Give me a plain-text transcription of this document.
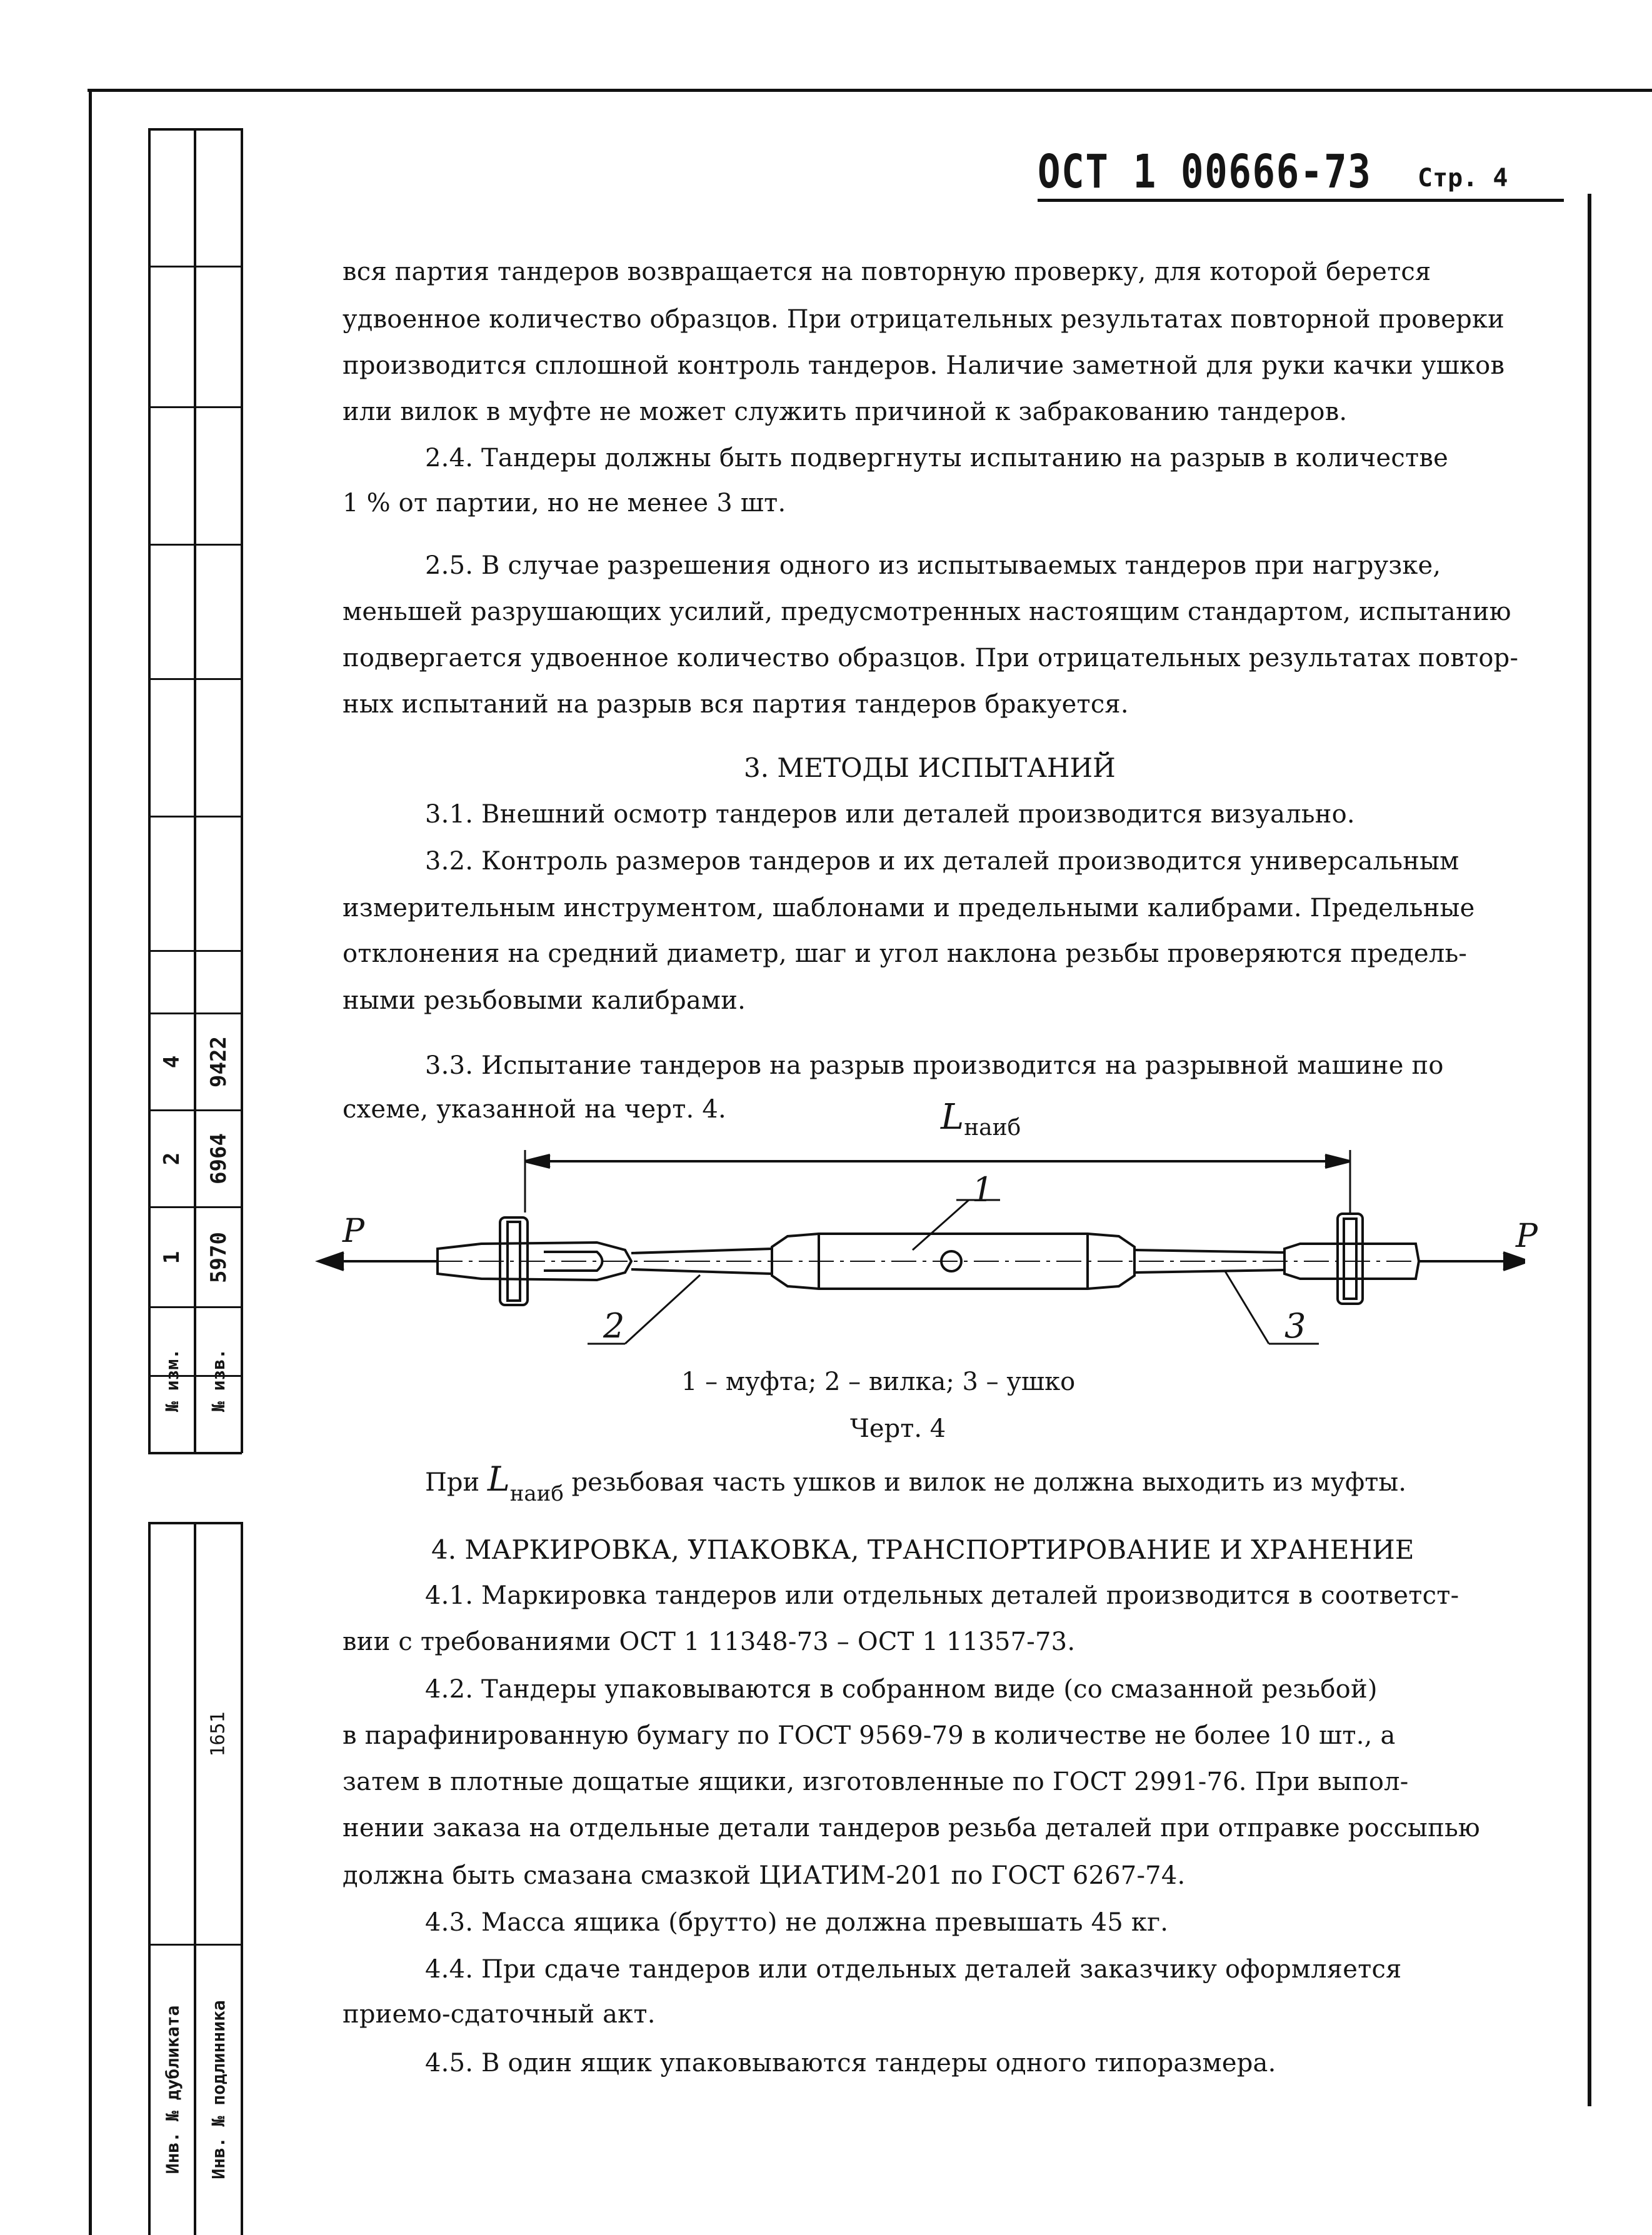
4 9422
2 6964
1 5970
№ изм. № изв.
1651
Инв. № дубликата Инв. № подлинника
ОСТ 1 00666-73 Стр. 4
вся партия тандеров возвращается на повторную проверку, для которой берется
удвоенное количество образцов. При отрицательных результатах повторной проверки
производится сплошной контроль тандеров. Наличие заметной для руки качки ушков
или вилок в муфте не может служить причиной к забракованию тандеров.
2.4. Тандеры должны быть подвергнуты испытанию на разрыв в количестве
1 % от партии, но не менее 3 шт.
2.5. В случае разрешения одного из испытываемых тандеров при нагрузке,
меньшей разрушающих усилий, предусмотренных настоящим стандартом, испытанию
подвергается удвоенное количество образцов. При отрицательных результатах повтор-
ных испытаний на разрыв вся партия тандеров бракуется.
3. МЕТОДЫ ИСПЫТАНИЙ
3.1. Внешний осмотр тандеров или деталей производится визуально.
3.2. Контроль размеров тандеров и их деталей производится универсальным
измерительным инструментом, шаблонами и предельными калибрами. Предельные
отклонения на средний диаметр, шаг и угол наклона резьбы проверяются предель-
ными резьбовыми калибрами.
3.3. Испытание тандеров на разрыв производится на разрывной машине по
схеме, указанной на черт. 4.	Lнаиб
P	P
1
2	3
1 – муфта; 2 – вилка; 3 – ушко
Черт. 4
При $L_{наиб}$ резьбовая часть ушков и вилок не должна выходить из муфты.
4. МАРКИРОВКА, УПАКОВКА, ТРАНСПОРТИРОВАНИЕ И ХРАНЕНИЕ
4.1. Маркировка тандеров или отдельных деталей производится в соответст-
вии с требованиями ОСТ 1 11348-73 – ОСТ 1 11357-73.
4.2. Тандеры упаковываются в собранном виде (со смазанной резьбой)
в парафинированную бумагу по ГОСТ 9569-79 в количестве не более 10 шт., а
затем в плотные дощатые ящики, изготовленные по ГОСТ 2991-76. При выпол-
нении заказа на отдельные детали тандеров резьба деталей при отправке россыпью
должна быть смазана смазкой ЦИАТИМ-201 по ГОСТ 6267-74.
4.3. Масса ящика (брутто) не должна превышать 45 кг.
4.4. При сдаче тандеров или отдельных деталей заказчику оформляется
приемо-сдаточный акт.
4.5. В один ящик упаковываются тандеры одного типоразмера.
